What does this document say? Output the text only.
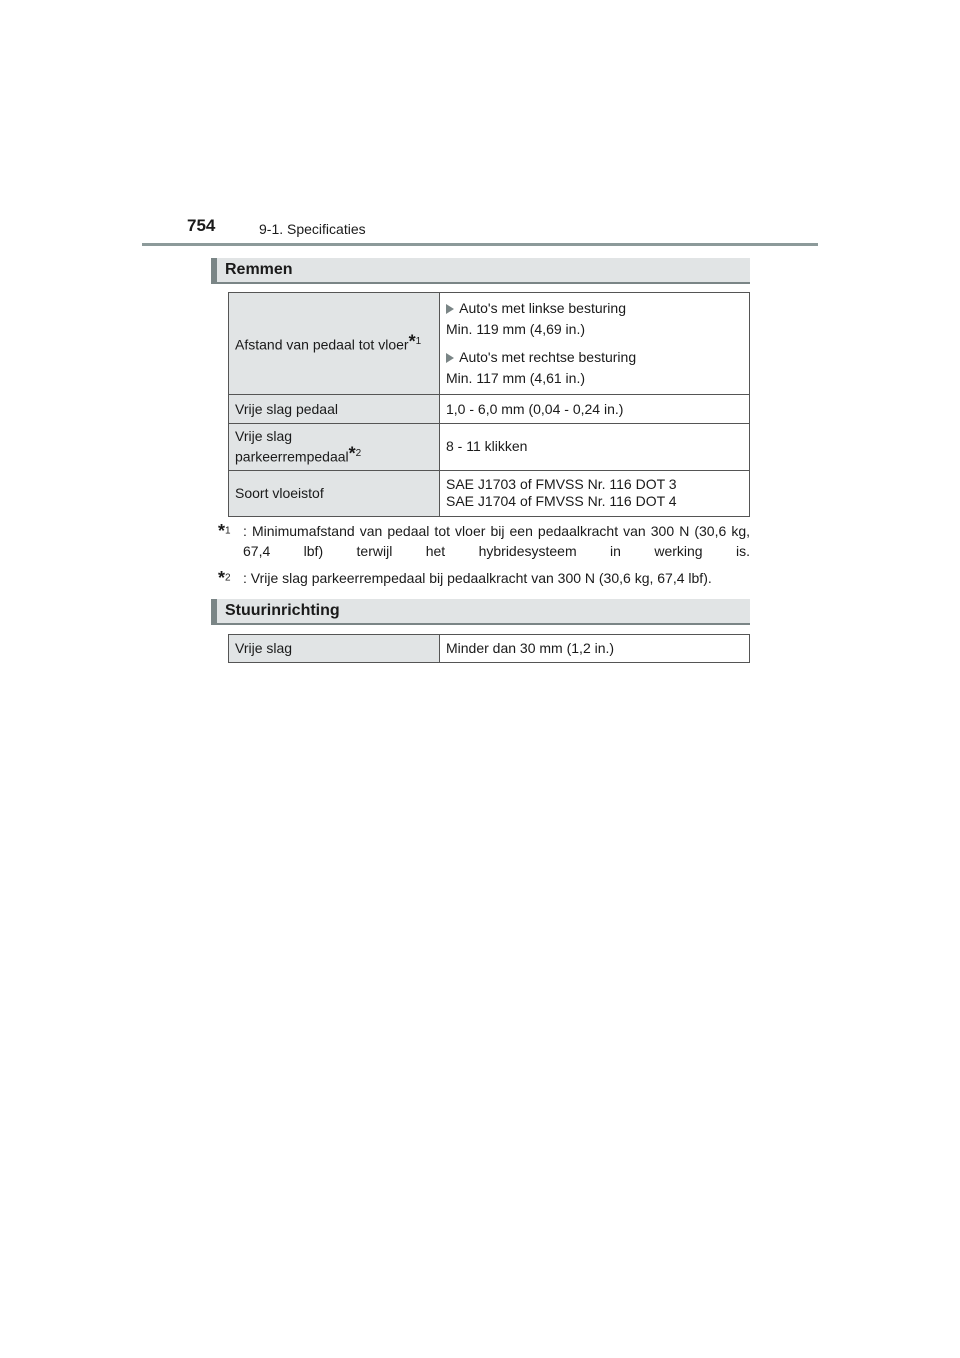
754	9-1. Specificaties
Remmen
Afstand van pedaal tot vloer*$^1$	Auto's met linkse besturing

Min. 119 mm (4,69 in.)

Auto's met rechtse besturing

Min. 117 mm (4,61 in.)

Vrije slag pedaal	1,0 - 6,0 mm (0,04 - 0,24 in.)
Vrije slag
parkeerrempedaal*$^2$	8 - 11 klikken
Soort vloeistof	SAE J1703 of FMVSS Nr. 116 DOT 3
SAE J1704 of FMVSS Nr. 116 DOT 4
*$^1$ : Minimumafstand van pedaal tot vloer bij een pedaalkracht van 300 N (30,6 kg, 67,4 lbf) terwijl het hybridesysteem in werking is.
*$^2$ : Vrije slag parkeerrempedaal bij pedaalkracht van 300 N (30,6 kg, 67,4 lbf).
Stuurinrichting
Vrije slag	Minder dan 30 mm (1,2 in.)
